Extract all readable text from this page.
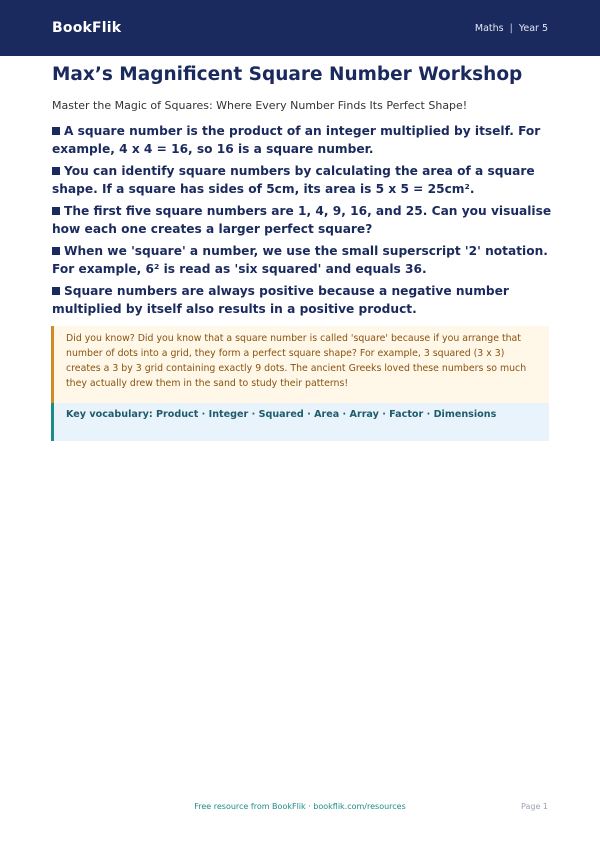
BookFlik	Maths | Year 5
Max’s Magnificent Square Number Workshop

Master the Magic of Squares: Where Every Number Finds Its Perfect Shape!

A square number is the product of an integer multiplied by itself. For example, 4 x 4 = 16, so 16 is a square number.
You can identify square numbers by calculating the area of a square shape. If a square has sides of 5cm, its area is 5 x 5 = 25cm².
The first five square numbers are 1, 4, 9, 16, and 25. Can you visualise how each one creates a larger perfect square?
When we 'square' a number, we use the small superscript '2' notation. For example, 6² is read as 'six squared' and equals 36.
Square numbers are always positive because a negative number multiplied by itself also results in a positive product.
Did you know? Did you know that a square number is called 'square' because if you arrange that number of dots into a grid, they form a perfect square shape? For example, 3 squared (3 x 3) creates a 3 by 3 grid containing exactly 9 dots. The ancient Greeks loved these numbers so much they actually drew them in the sand to study their patterns!
Key vocabulary: Product · Integer · Squared · Area · Array · Factor · Dimensions
Free resource from BookFlik · bookflik.com/resources	Page 1
